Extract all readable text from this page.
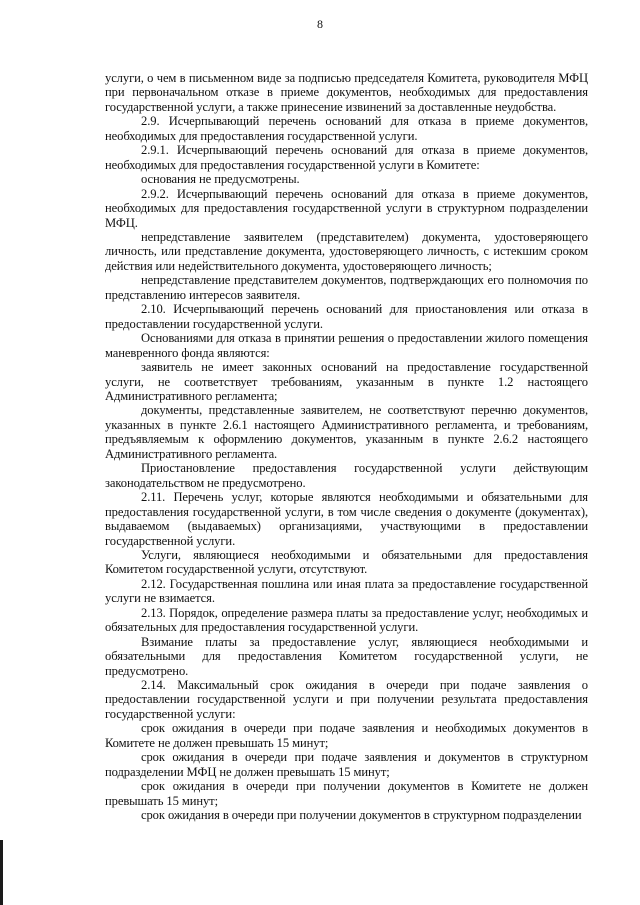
8

услуги, о чем в письменном виде за подписью председателя Комитета, руководителя МФЦ при первоначальном отказе в приеме документов, необходимых для предоставления государственной услуги, а также принесение извинений за доставленные неудобства.

2.9. Исчерпывающий перечень оснований для отказа в приеме документов, необходимых для предоставления государственной услуги.

2.9.1. Исчерпывающий перечень оснований для отказа в приеме документов, необходимых для предоставления государственной услуги в Комитете:

основания не предусмотрены.

2.9.2. Исчерпывающий перечень оснований для отказа в приеме документов, необходимых для предоставления государственной услуги в структурном подразделении МФЦ.

непредставление заявителем (представителем) документа, удостоверяющего личность, или представление документа, удостоверяющего личность, с истекшим сроком действия или недействительного документа, удостоверяющего личность;

непредставление представителем документов, подтверждающих его полномочия по представлению интересов заявителя.

2.10. Исчерпывающий перечень оснований для приостановления или отказа в предоставлении государственной услуги.

Основаниями для отказа в принятии решения о предоставлении жилого помещения маневренного фонда являются:

заявитель не имеет законных оснований на предоставление государственной услуги, не соответствует требованиям, указанным в пункте 1.2 настоящего Административного регламента;

документы, представленные заявителем, не соответствуют перечню документов, указанных в пункте 2.6.1 настоящего Административного регламента, и требованиям, предъявляемым к оформлению документов, указанным в пункте 2.6.2 настоящего Административного регламента.

Приостановление предоставления государственной услуги действующим законодательством не предусмотрено.

2.11. Перечень услуг, которые являются необходимыми и обязательными для предоставления государственной услуги, в том числе сведения о документе (документах), выдаваемом (выдаваемых) организациями, участвующими в предоставлении государственной услуги.

Услуги, являющиеся необходимыми и обязательными для предоставления Комитетом государственной услуги, отсутствуют.

2.12. Государственная пошлина или иная плата за предоставление государственной услуги не взимается.

2.13. Порядок, определение размера платы за предоставление услуг, необходимых и обязательных для предоставления государственной услуги.

Взимание платы за предоставление услуг, являющиеся необходимыми и обязательными для предоставления Комитетом государственной услуги, не предусмотрено.

2.14. Максимальный срок ожидания в очереди при подаче заявления о предоставлении государственной услуги и при получении результата предоставления государственной услуги:

срок ожидания в очереди при подаче заявления и необходимых документов в Комитете не должен превышать 15 минут;

срок ожидания в очереди при подаче заявления и документов в структурном подразделении МФЦ не должен превышать 15 минут;

срок ожидания в очереди при получении документов в Комитете не должен превышать 15 минут;

срок ожидания в очереди при получении документов в структурном подразделении
